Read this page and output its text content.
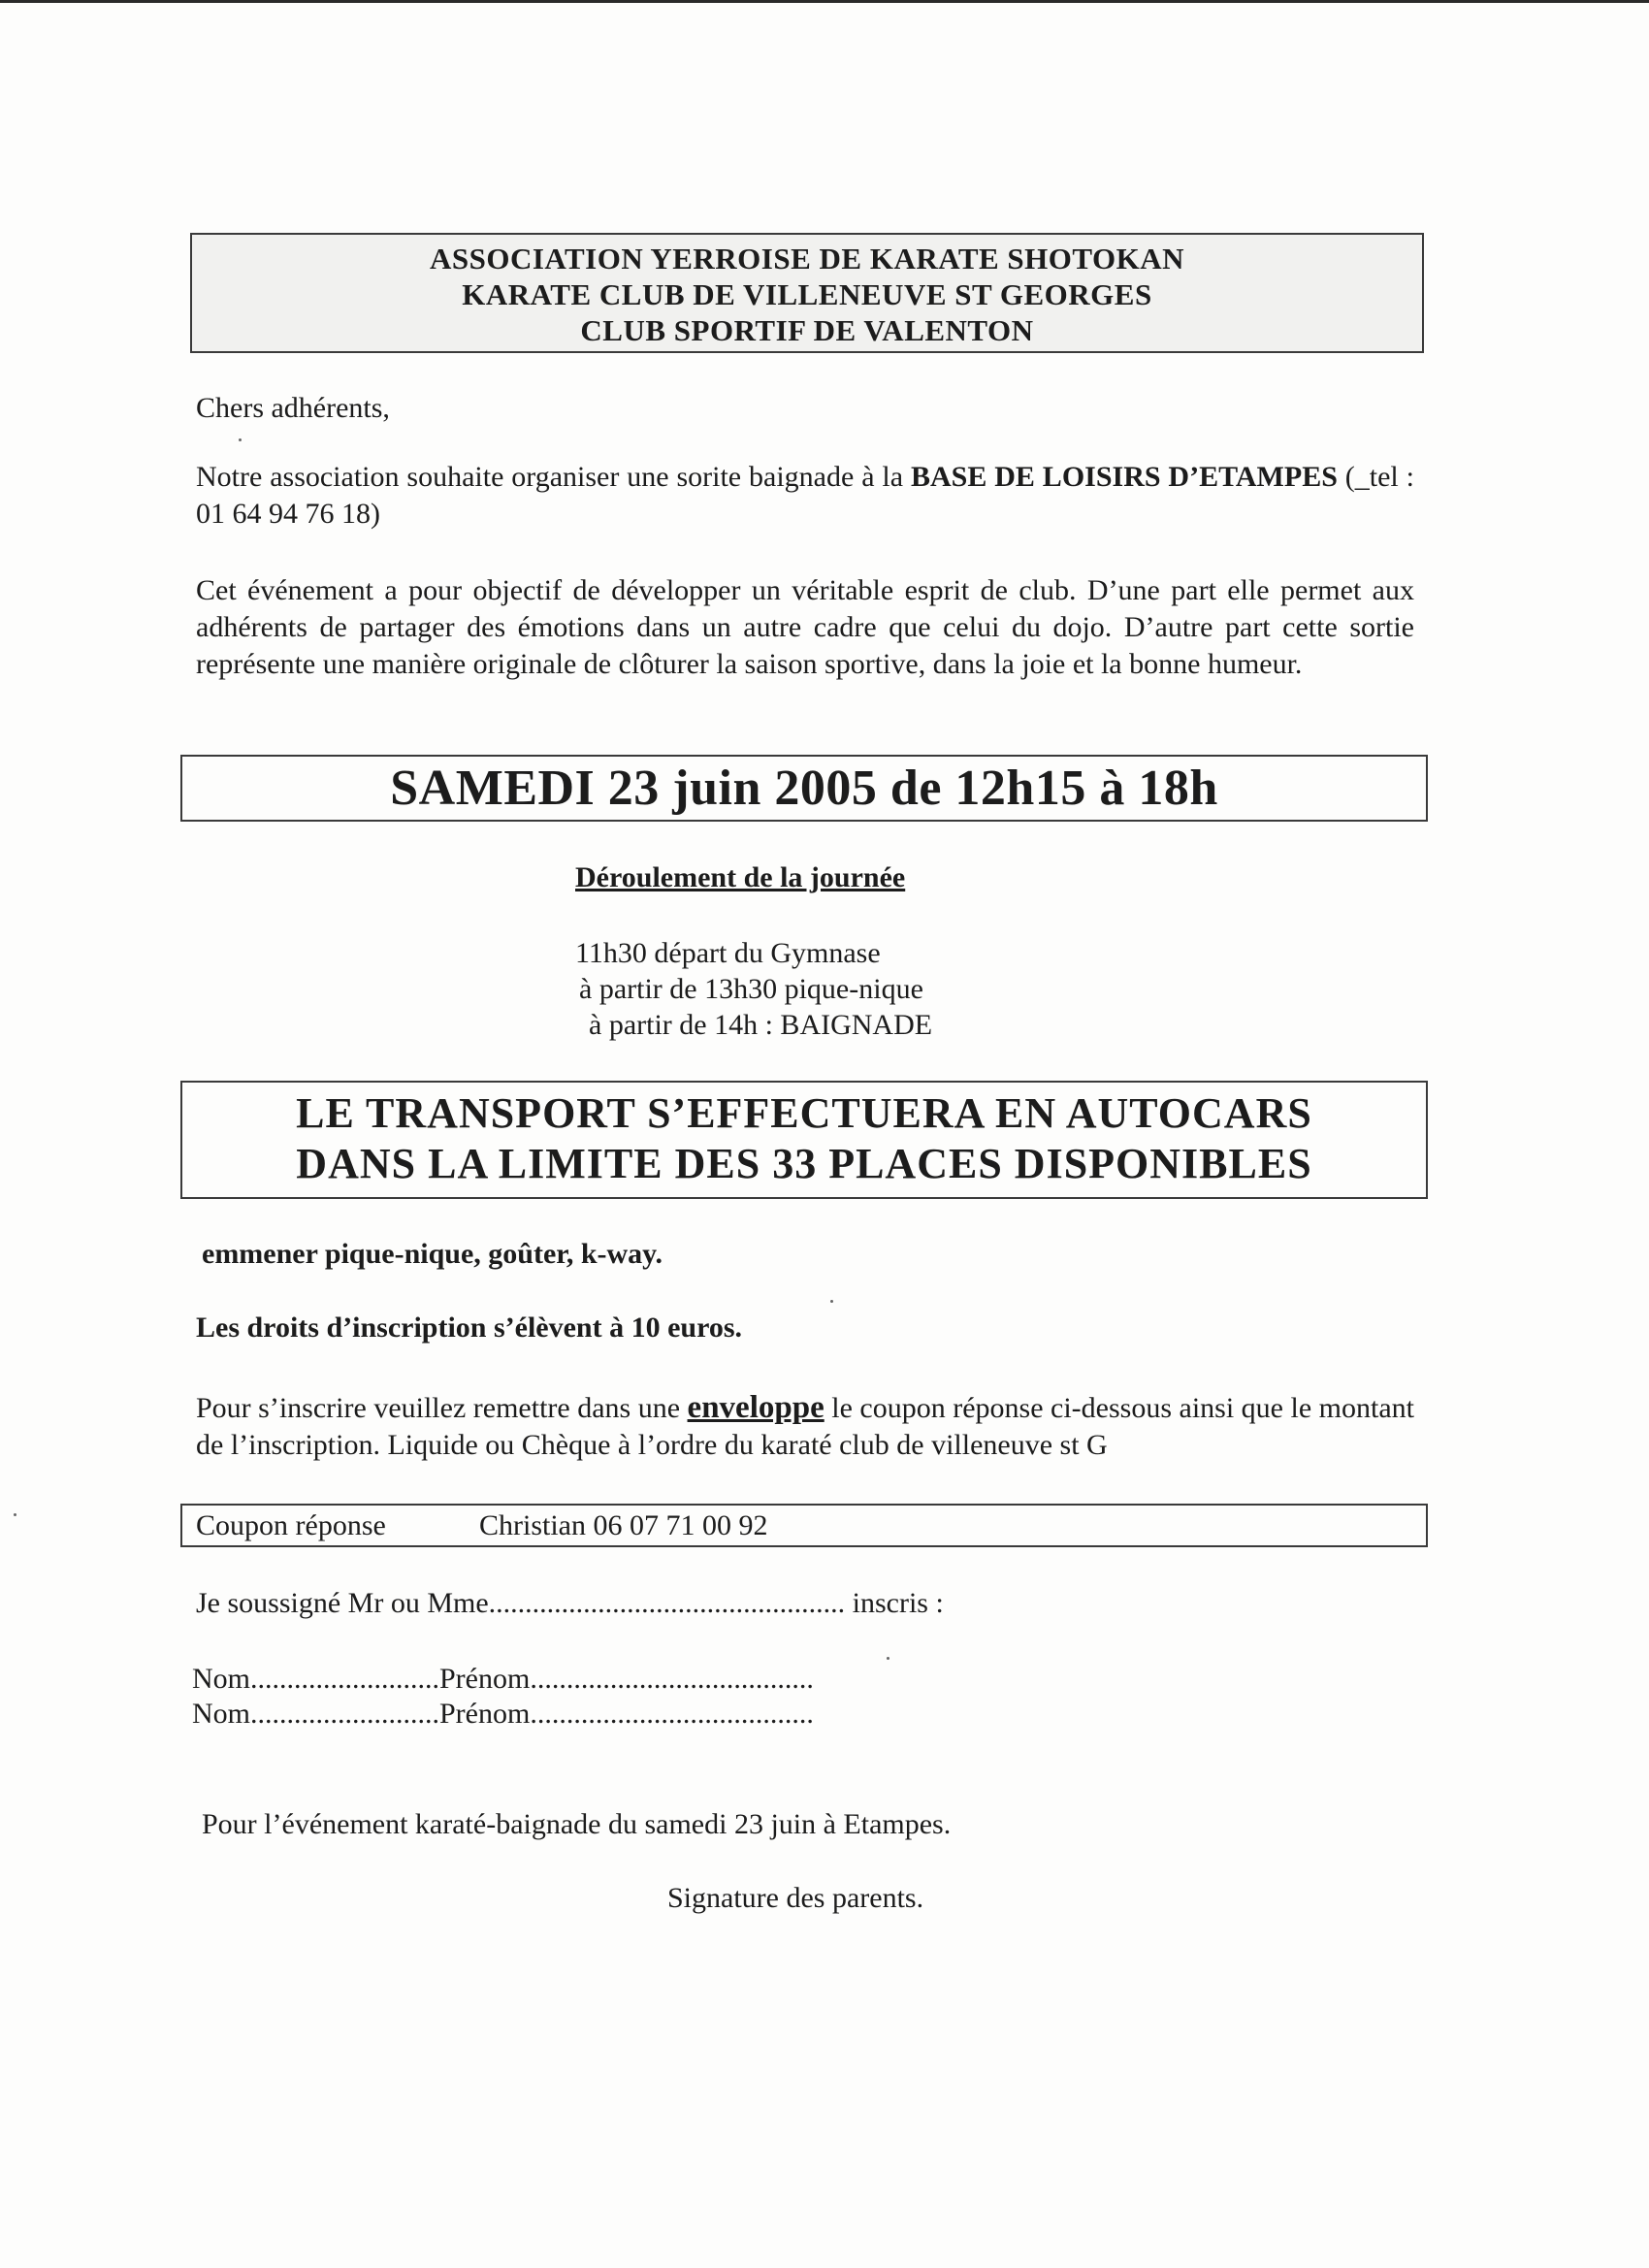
ASSOCIATION YERROISE DE KARATE SHOTOKAN
KARATE CLUB DE VILLENEUVE ST GEORGES
CLUB SPORTIF DE VALENTON
Chers adhérents,
Notre association souhaite organiser une sorite baignade à la BASE DE LOISIRS D’ETAMPES (_tel : 01 64 94 76 18)
Cet événement a pour objectif de développer un véritable esprit de club. D’une part elle permet aux adhérents de partager des émotions dans un autre cadre que celui du dojo. D’autre part cette sortie représente une manière originale de clôturer la saison sportive, dans la joie et la bonne humeur.
SAMEDI 23 juin 2005 de 12h15 à 18h
Déroulement de la journée
11h30 départ du Gymnase
à partir de 13h30 pique-nique
à partir de 14h : BAIGNADE
LE TRANSPORT S’EFFECTUERA EN AUTOCARS
DANS LA LIMITE DES 33 PLACES DISPONIBLES
emmener pique-nique, goûter, k-way.
Les droits d’inscription s’élèvent à 10 euros.
Pour s’inscrire veuillez remettre dans une enveloppe le coupon réponse ci-dessous ainsi que le montant de l’inscription. Liquide ou Chèque à l’ordre du karaté club de villeneuve st G
Coupon réponse	Christian 06 07 71 00 92
Je soussigné Mr ou Mme................................................. inscris :
Nom..........................Prénom.......................................
Nom..........................Prénom.......................................
Pour l’événement karaté-baignade du samedi 23 juin à Etampes.
Signature des parents.
